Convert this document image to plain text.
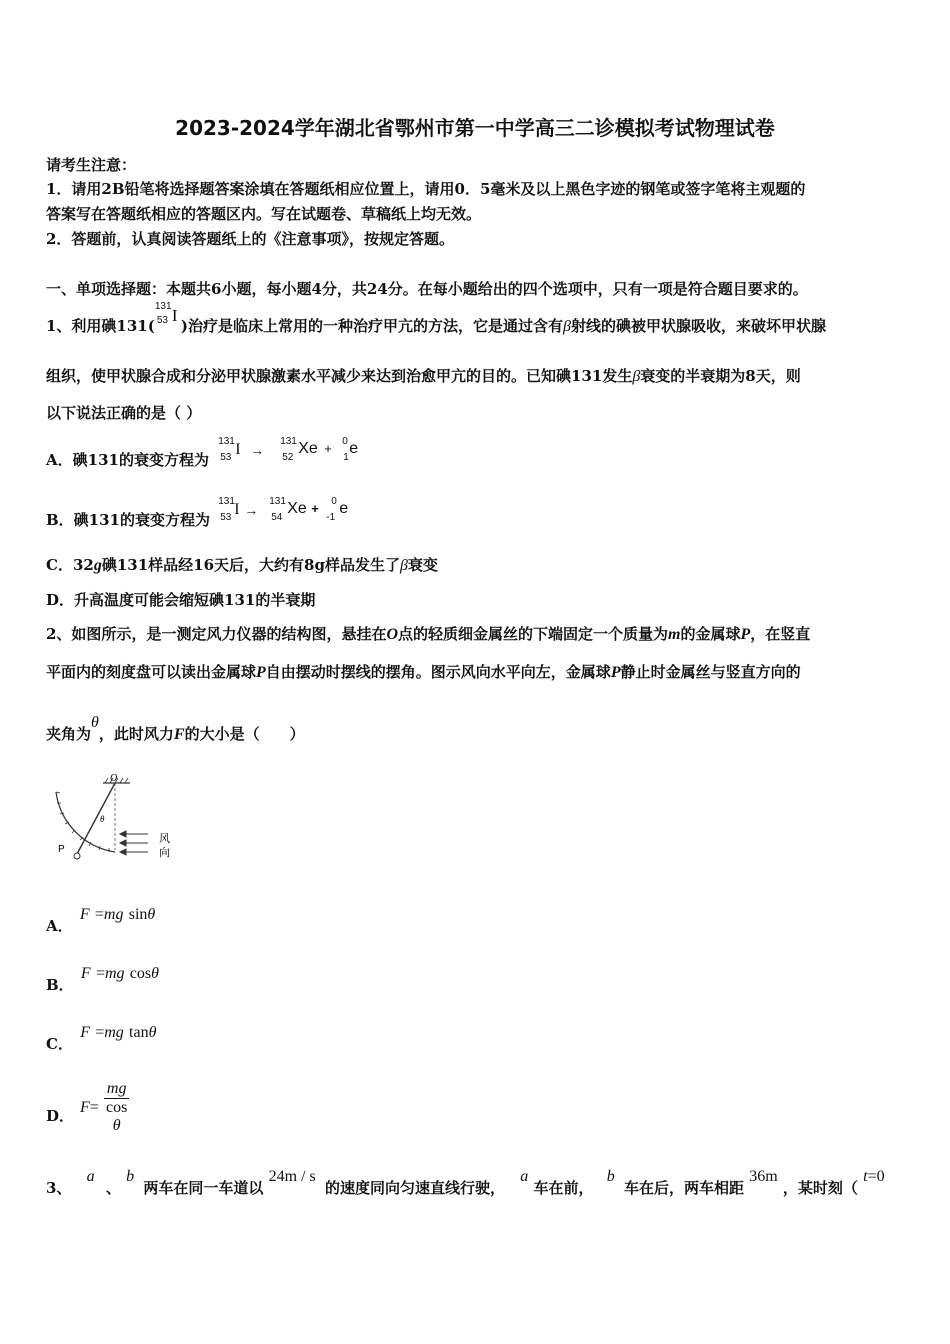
2023-2024学年湖北省鄂州市第一中学高三二诊模拟考试物理试卷
请考生注意：
1．请用2B铅笔将选择题答案涂填在答题纸相应位置上，请用0．5毫米及以上黑色字迹的钢笔或签字笔将主观题的
答案写在答题纸相应的答题区内。写在试题卷、草稿纸上均无效。
2．答题前，认真阅读答题纸上的《注意事项》，按规定答题。
一、单项选择题：本题共6小题，每小题4分，共24分。在每小题给出的四个选项中，只有一项是符合题目要求的。
1、利用碘131(
131
53 I
)治疗是临床上常用的一种治疗甲亢的方法，它是通过含有β射线的碘被甲状腺吸收，来破坏甲状腺
组织，使甲状腺合成和分泌甲状腺激素水平减少来达到治愈甲亢的目的。已知碘131发生β衰变的半衰期为8天，则
以下说法正确的是（ ）
A．碘131的衰变方程为
131
53 I →
131
52
Xe + 0
1
e
B．碘131的衰变方程为
131
53 I →
131
54
Xe + 0
-1
e
C．32g碘131样品经16天后，大约有8g样品发生了β衰变
D．升高温度可能会缩短碘131的半衰期
2、如图所示，是一测定风力仪器的结构图，悬挂在O点的轻质细金属丝的下端固定一个质量为m的金属球P，在竖直
平面内的刻度盘可以读出金属球P自由摆动时摆线的摆角。图示风向水平向左，金属球P静止时金属丝与竖直方向的
夹角为θ，此时风力F的大小是（　　）
O
θ
P
风
向
A． F =mg sinθ
B． F =mg cosθ
C． F =mg tanθ
D． F= mg
cos
θ
3、 a 、 b 两车在同一车道以 24m / s 的速度同向匀速直线行驶， a 车在前， b 车在后，两车相距 36m ，某时刻（ t=0
